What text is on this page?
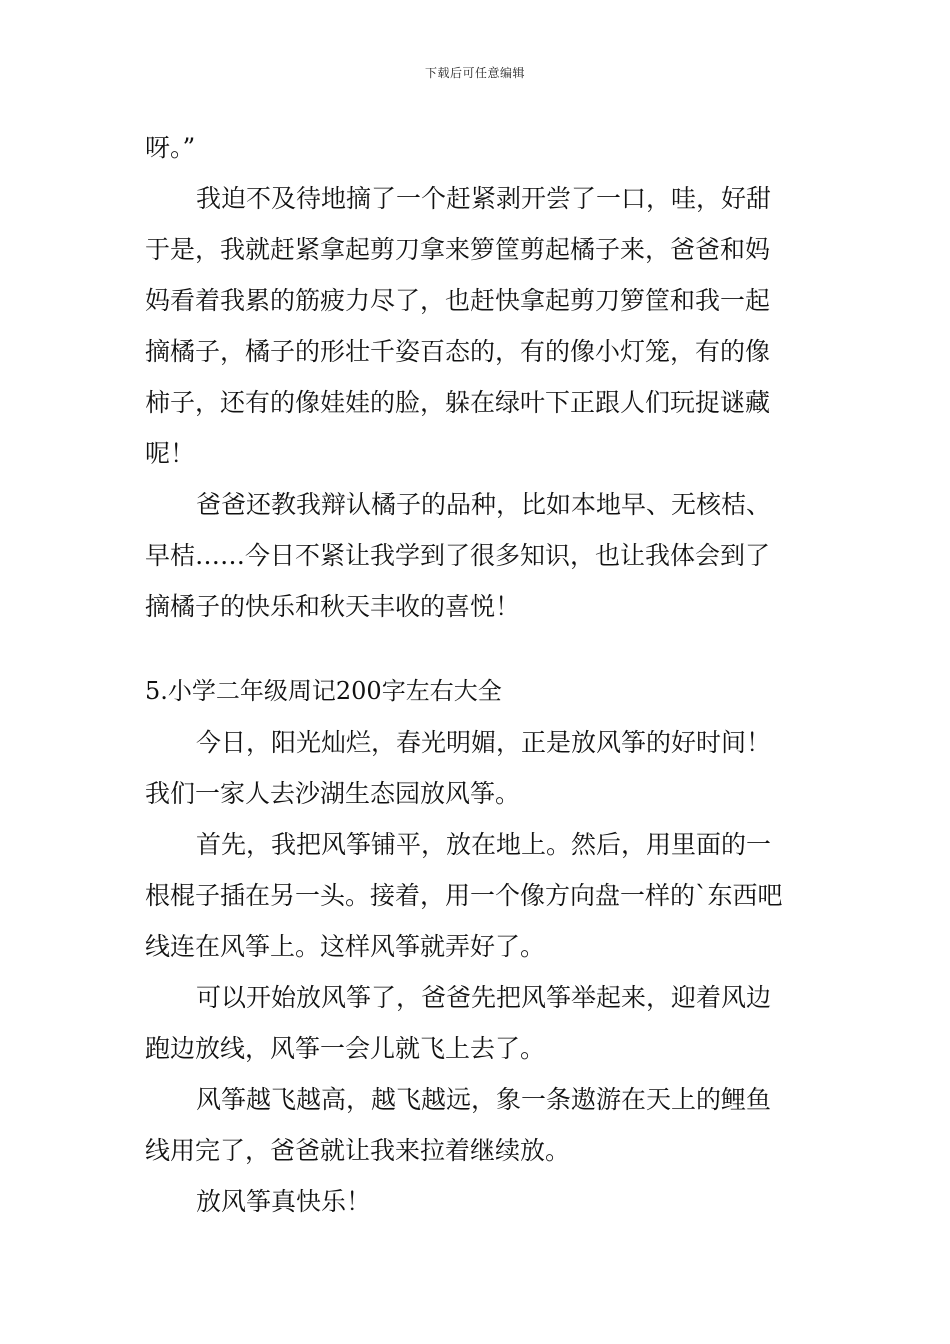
下载后可任意编辑
呀。”
我迫不及待地摘了一个赶紧剥开尝了一口，哇，好甜
于是，我就赶紧拿起剪刀拿来箩筐剪起橘子来，爸爸和妈
妈看着我累的筋疲力尽了，也赶快拿起剪刀箩筐和我一起
摘橘子，橘子的形壮千姿百态的，有的像小灯笼，有的像
柿子，还有的像娃娃的脸，躲在绿叶下正跟人们玩捉谜藏
呢！
爸爸还教我辩认橘子的品种，比如本地早、无核桔、
早桔……今日不紧让我学到了很多知识，也让我体会到了
摘橘子的快乐和秋天丰收的喜悦！
5.小学二年级周记200字左右大全
今日，阳光灿烂，春光明媚，正是放风筝的好时间！
我们一家人去沙湖生态园放风筝。
首先，我把风筝铺平，放在地上。然后，用里面的一
根棍子插在另一头。接着，用一个像方向盘一样的`东西吧
线连在风筝上。这样风筝就弄好了。
可以开始放风筝了，爸爸先把风筝举起来，迎着风边
跑边放线，风筝一会儿就飞上去了。
风筝越飞越高，越飞越远，象一条遨游在天上的鲤鱼
线用完了，爸爸就让我来拉着继续放。
放风筝真快乐！
